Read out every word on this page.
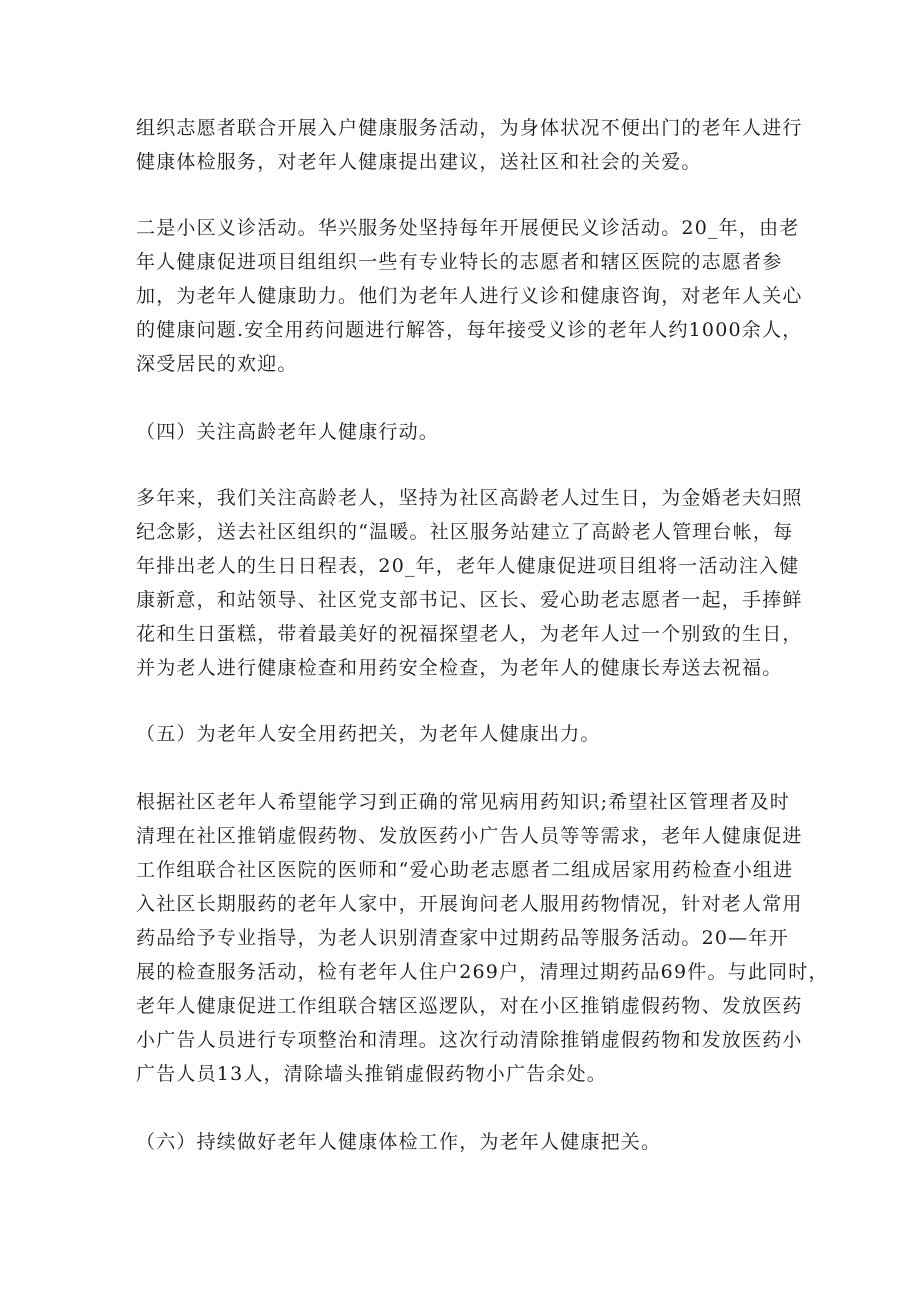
组织志愿者联合开展入户健康服务活动，为身体状况不便出门的老年人进行
健康体检服务，对老年人健康提出建议，送社区和社会的关爱。
二是小区义诊活动。华兴服务处坚持每年开展便民义诊活动。20_年，由老
年人健康促进项目组组织一些有专业特长的志愿者和辖区医院的志愿者参
加，为老年人健康助力。他们为老年人进行义诊和健康咨询，对老年人关心
的健康问题.安全用药问题进行解答，每年接受义诊的老年人约1000余人，
深受居民的欢迎。
（四）关注高龄老年人健康行动。
多年来，我们关注高龄老人，坚持为社区高龄老人过生日，为金婚老夫妇照
纪念影，送去社区组织的“温暖。社区服务站建立了高龄老人管理台帐，每
年排出老人的生日日程表，20_年，老年人健康促进项目组将一活动注入健
康新意，和站领导、社区党支部书记、区长、爱心助老志愿者一起，手捧鲜
花和生日蛋糕，带着最美好的祝福探望老人，为老年人过一个别致的生日，
并为老人进行健康检查和用药安全检查，为老年人的健康长寿送去祝福。
（五）为老年人安全用药把关，为老年人健康出力。
根据社区老年人希望能学习到正确的常见病用药知识;希望社区管理者及时
清理在社区推销虚假药物、发放医药小广告人员等等需求，老年人健康促进
工作组联合社区医院的医师和“爱心助老志愿者二组成居家用药检查小组进
入社区长期服药的老年人家中，开展询问老人服用药物情况，针对老人常用
药品给予专业指导，为老人识别清查家中过期药品等服务活动。20—年开
展的检查服务活动，检有老年人住户269户，清理过期药品69件。与此同时，
老年人健康促进工作组联合辖区巡逻队，对在小区推销虚假药物、发放医药
小广告人员进行专项整治和清理。这次行动清除推销虚假药物和发放医药小
广告人员13人，清除墙头推销虚假药物小广告余处。
（六）持续做好老年人健康体检工作，为老年人健康把关。
